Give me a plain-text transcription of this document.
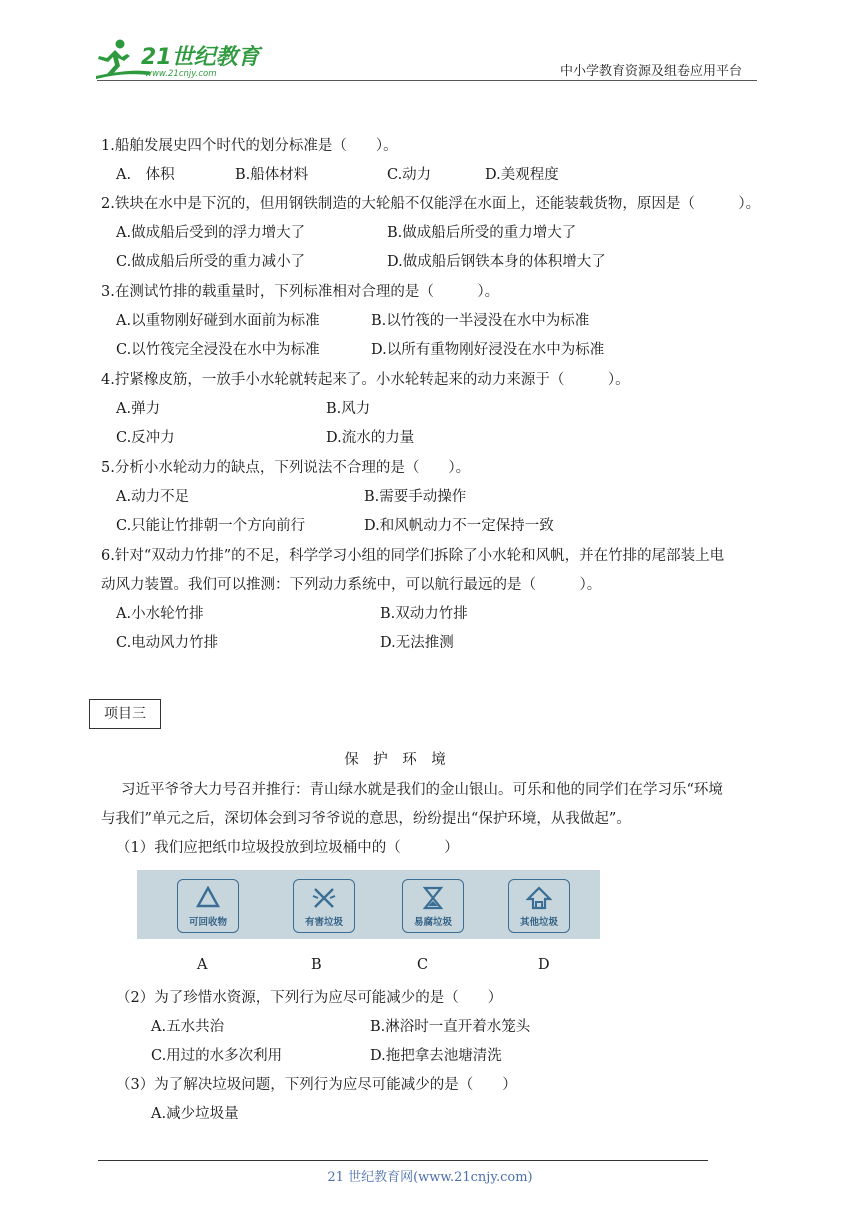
21世纪教育
www.21cnjy.com	中小学教育资源及组卷应用平台
1.船舶发展史四个时代的划分标准是（　　）。
A.　体积	B.船体材料	C.动力	D.美观程度
2.铁块在水中是下沉的，但用钢铁制造的大轮船不仅能浮在水面上，还能装载货物，原因是（　　　）。
A.做成船后受到的浮力增大了	B.做成船后所受的重力增大了
C.做成船后所受的重力减小了	D.做成船后钢铁本身的体积增大了
3.在测试竹排的载重量时，下列标准相对合理的是（　　　）。
A.以重物刚好碰到水面前为标准	B.以竹筏的一半浸没在水中为标准
C.以竹筏完全浸没在水中为标准	D.以所有重物刚好浸没在水中为标准
4.拧紧橡皮筋，一放手小水轮就转起来了。小水轮转起来的动力来源于（　　　）。
A.弹力	B.风力
C.反冲力	D.流水的力量
5.分析小水轮动力的缺点，下列说法不合理的是（　　）。
A.动力不足	B.需要手动操作
C.只能让竹排朝一个方向前行	D.和风帆动力不一定保持一致
6.针对“双动力竹排”的不足，科学学习小组的同学们拆除了小水轮和风帆，并在竹排的尾部装上电
动风力装置。我们可以推测：下列动力系统中，可以航行最远的是（　　　）。
A.小水轮竹排	B.双动力竹排
C.电动风力竹排	D.无法推测
项目三
保　护　环　境
习近平爷爷大力号召并推行：青山绿水就是我们的金山银山。可乐和他的同学们在学习乐“环境
与我们”单元之后，深切体会到习爷爷说的意思，纷纷提出“保护环境，从我做起”。
（1）我们应把纸巾垃圾投放到垃圾桶中的（　　　）
可回收物	有害垃圾	易腐垃圾	其他垃圾
A	B	C	D
（2）为了珍惜水资源，下列行为应尽可能减少的是（　　）
A.五水共治	B.淋浴时一直开着水笼头
C.用过的水多次利用	D.拖把拿去池塘清洗
（3）为了解决垃圾问题，下列行为应尽可能减少的是（　　）
A.减少垃圾量
21 世纪教育网(www.21cnjy.com)
